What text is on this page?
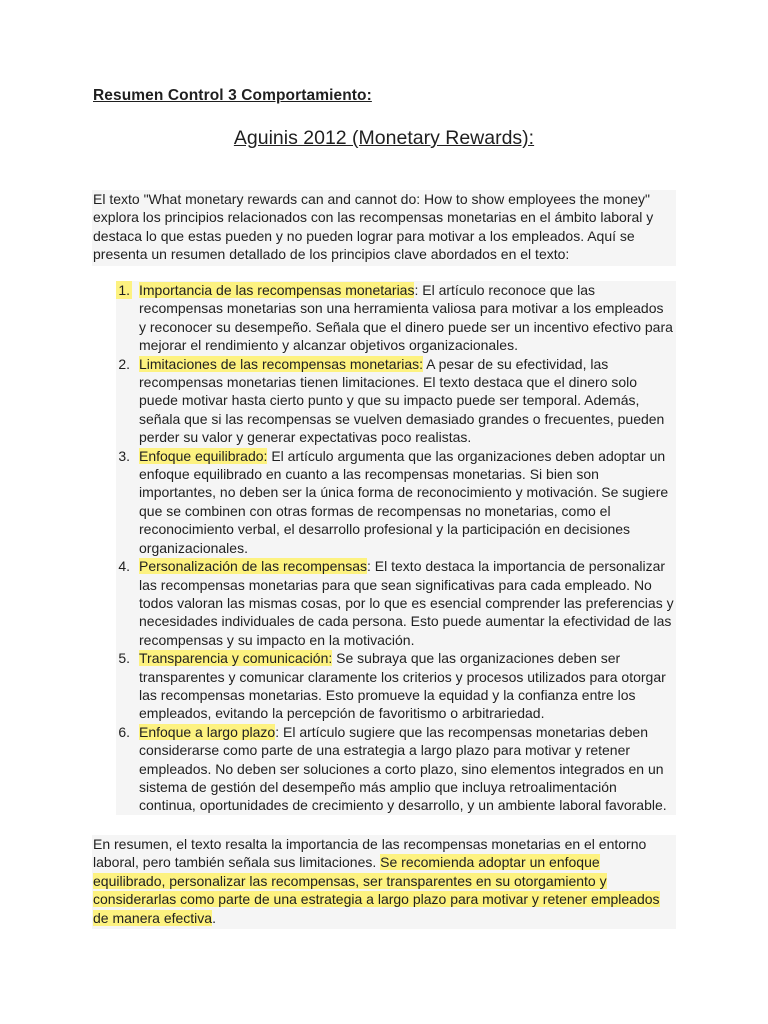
Resumen Control 3 Comportamiento:
Aguinis 2012 (Monetary Rewards):

El texto "What monetary rewards can and cannot do: How to show employees the money" explora los principios relacionados con las recompensas monetarias en el ámbito laboral y destaca lo que estas pueden y no pueden lograr para motivar a los empleados. Aquí se presenta un resumen detallado de los principios clave abordados en el texto:

1. Importancia de las recompensas monetarias: El artículo reconoce que las recompensas monetarias son una herramienta valiosa para motivar a los empleados y reconocer su desempeño. Señala que el dinero puede ser un incentivo efectivo para mejorar el rendimiento y alcanzar objetivos organizacionales.
2. Limitaciones de las recompensas monetarias: A pesar de su efectividad, las recompensas monetarias tienen limitaciones. El texto destaca que el dinero solo puede motivar hasta cierto punto y que su impacto puede ser temporal. Además, señala que si las recompensas se vuelven demasiado grandes o frecuentes, pueden perder su valor y generar expectativas poco realistas.
3. Enfoque equilibrado: El artículo argumenta que las organizaciones deben adoptar un enfoque equilibrado en cuanto a las recompensas monetarias. Si bien son importantes, no deben ser la única forma de reconocimiento y motivación. Se sugiere que se combinen con otras formas de recompensas no monetarias, como el reconocimiento verbal, el desarrollo profesional y la participación en decisiones organizacionales.
4. Personalización de las recompensas: El texto destaca la importancia de personalizar las recompensas monetarias para que sean significativas para cada empleado. No todos valoran las mismas cosas, por lo que es esencial comprender las preferencias y necesidades individuales de cada persona. Esto puede aumentar la efectividad de las recompensas y su impacto en la motivación.
5. Transparencia y comunicación: Se subraya que las organizaciones deben ser transparentes y comunicar claramente los criterios y procesos utilizados para otorgar las recompensas monetarias. Esto promueve la equidad y la confianza entre los empleados, evitando la percepción de favoritismo o arbitrariedad.
6. Enfoque a largo plazo: El artículo sugiere que las recompensas monetarias deben considerarse como parte de una estrategia a largo plazo para motivar y retener empleados. No deben ser soluciones a corto plazo, sino elementos integrados en un sistema de gestión del desempeño más amplio que incluya retroalimentación continua, oportunidades de crecimiento y desarrollo, y un ambiente laboral favorable.

En resumen, el texto resalta la importancia de las recompensas monetarias en el entorno laboral, pero también señala sus limitaciones. Se recomienda adoptar un enfoque equilibrado, personalizar las recompensas, ser transparentes en su otorgamiento y considerarlas como parte de una estrategia a largo plazo para motivar y retener empleados de manera efectiva.
